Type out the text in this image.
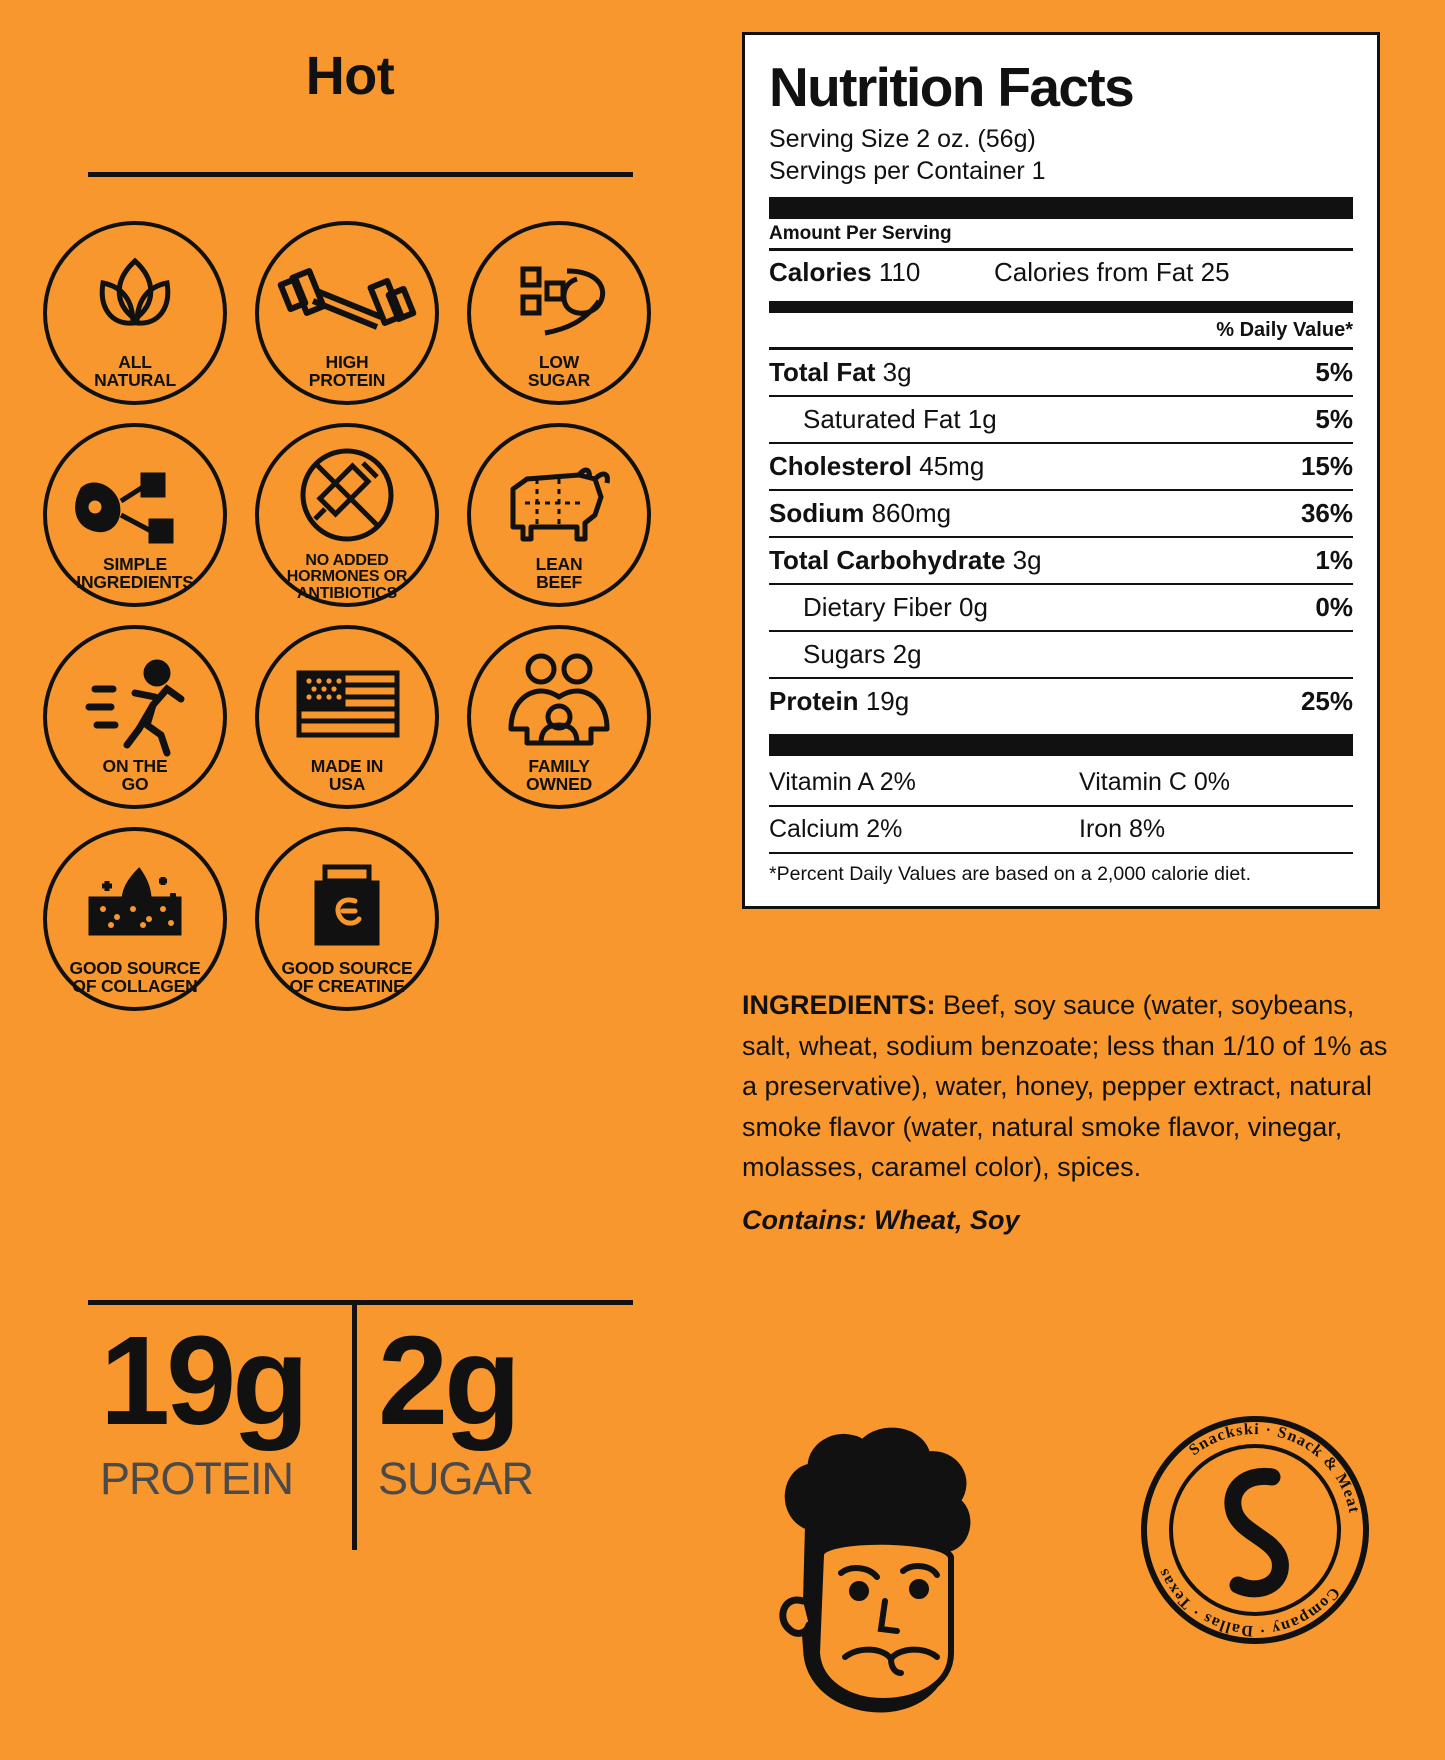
Hot
ALL
NATURAL
HIGH
PROTEIN
LOW
SUGAR
SIMPLE
INGREDIENTS
NO ADDED
HORMONES OR
ANTIBIOTICS
LEAN
BEEF
ON THE
GO
MADE IN
USA
FAMILY
OWNED
GOOD SOURCE
OF COLLAGEN
GOOD SOURCE
OF CREATINE
19g
PROTEIN
2g
SUGAR
Nutrition Facts
Serving Size 2 oz. (56g)
Servings per Container 1
Amount Per Serving
Calories 110	Calories from Fat 25
% Daily Value*
Total Fat 3g	5%
Saturated Fat 1g	5%
Cholesterol 45mg	15%
Sodium 860mg	36%
Total Carbohydrate 3g	1%
Dietary Fiber 0g	0%
Sugars 2g
Protein 19g	25%
Vitamin A 2%	Vitamin C 0%
Calcium 2%	Iron 8%
*Percent Daily Values are based on a 2,000 calorie diet.
INGREDIENTS: Beef, soy sauce (water, soybeans, salt, wheat, sodium benzoate; less than 1/10 of 1% as a preservative), water, honey, pepper extract, natural smoke flavor (water, natural smoke flavor, vinegar, molasses, caramel color), spices.
Contains: Wheat, Soy
Snackski · Snack & Meat
Company · Dallas · Texas
